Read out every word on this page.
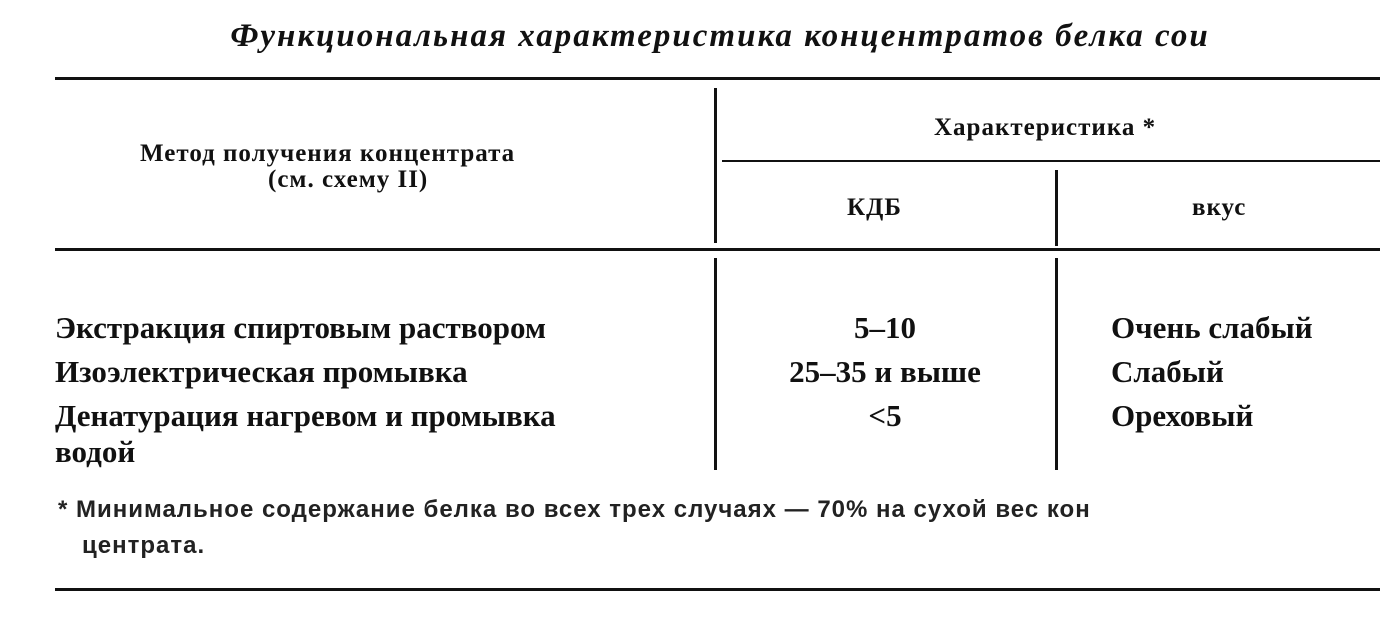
Функциональная характеристика концентратов белка сои
Метод получения концентрата
(см. схему II)
Характеристика *
КДБ	вкус
Экстракция спиртовым раствором	5–10	Очень слабый
Изоэлектрическая промывка	25–35 и выше	Слабый
Денатурация нагревом и промывка
водой
<5	Ореховый
* Минимальное содержание белка во всех трех случаях — 70% на сухой вес кон
центрата.
